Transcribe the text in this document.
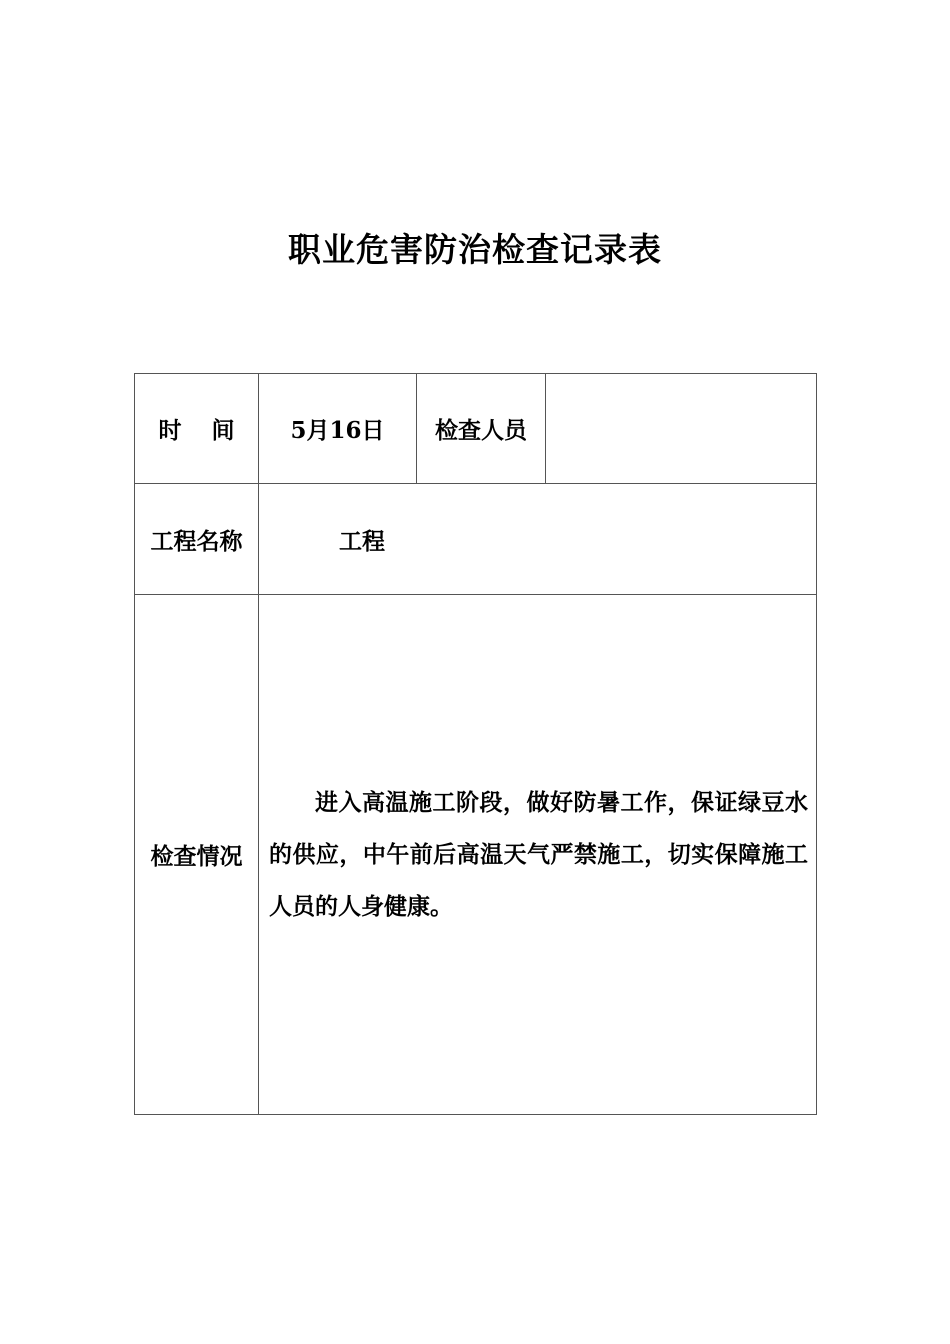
职业危害防治检查记录表
时 间	5月16日	检查人员	
工程名称	工程		
检查情况	进入高温施工阶段，做好防暑工作，保证绿豆水的供应，中午前后高温天气严禁施工，切实保障施工人员的人身健康。		
